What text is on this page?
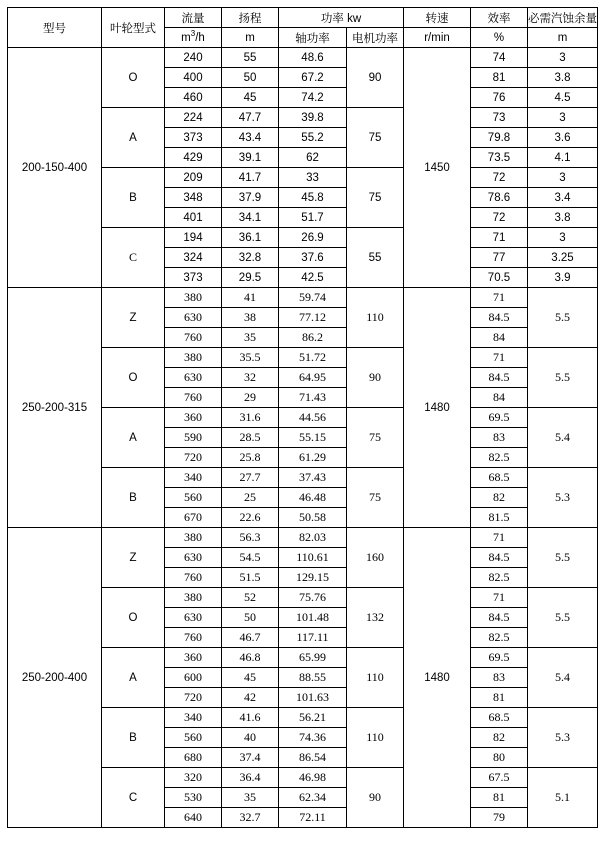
型号	叶轮型式	流量	扬程	功率 kw		转速	效率	必需汽蚀余量
		$m^3/h$	m	轴功率	电机功率	r/min	%	m
200-150-400	O	240	55	48.6	90	1450	74	3
		400	50	67.2			81	3.8
		460	45	74.2			76	4.5
	A	224	47.7	39.8	75		73	3
		373	43.4	55.2			79.8	3.6
		429	39.1	62			73.5	4.1
	B	209	41.7	33	75		72	3
		348	37.9	45.8			78.6	3.4
		401	34.1	51.7			72	3.8
	C	194	36.1	26.9	55		71	3
		324	32.8	37.6			77	3.25
		373	29.5	42.5			70.5	3.9
250-200-315	Z	380	41	59.74	110	1480	71	5.5
		630	38	77.12			84.5	
		760	35	86.2			84	
	O	380	35.5	51.72	90		71	5.5
		630	32	64.95			84.5	
		760	29	71.43			84	
	A	360	31.6	44.56	75		69.5	5.4
		590	28.5	55.15			83	
		720	25.8	61.29			82.5	
	B	340	27.7	37.43	75		68.5	5.3
		560	25	46.48			82	
		670	22.6	50.58			81.5	
250-200-400	Z	380	56.3	82.03	160	1480	71	5.5
		630	54.5	110.61			84.5	
		760	51.5	129.15			82.5	
	O	380	52	75.76	132		71	5.5
		630	50	101.48			84.5	
		760	46.7	117.11			82.5	
	A	360	46.8	65.99	110		69.5	5.4
		600	45	88.55			83	
		720	42	101.63			81	
	B	340	41.6	56.21	110		68.5	5.3
		560	40	74.36			82	
		680	37.4	86.54			80	
	C	320	36.4	46.98	90		67.5	5.1
		530	35	62.34			81	
		640	32.7	72.11			79	
